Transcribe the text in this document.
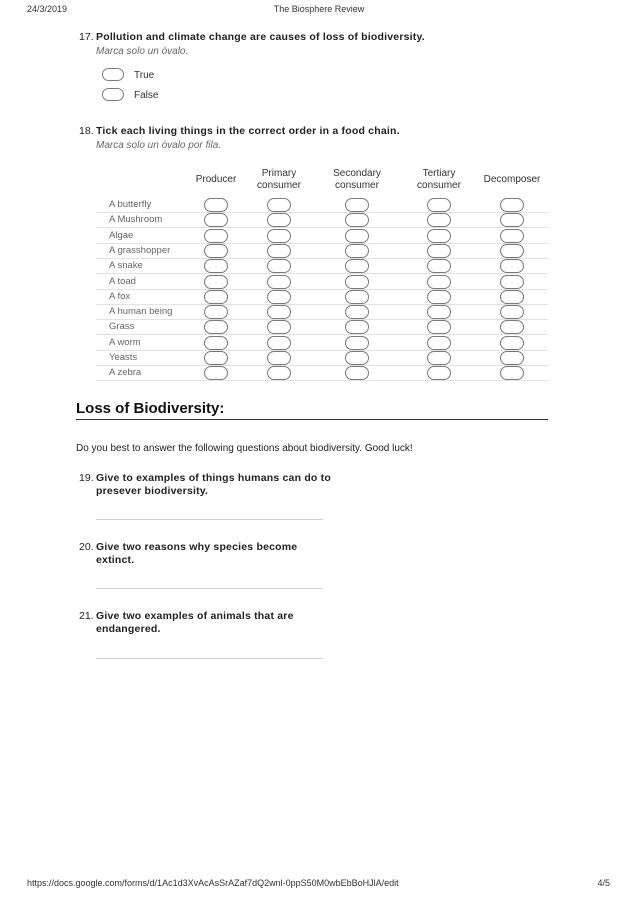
24/3/2019	The Biosphere Review
17. Pollution and climate change are causes of loss of biodiversity.
Marca solo un óvalo.
True
False
18. Tick each living things in the correct order in a food chain.
Marca solo un óvalo por fila.
Producer
Primary consumer
Secondary consumer
Tertiary consumer
Decomposer
A butterfly
A Mushroom
Algae
A grasshopper
A snake
A toad
A fox
A human being
Grass
A worm
Yeasts
A zebra
Loss of Biodiversity:
Do you best to answer the following questions about biodiversity. Good luck!
19. Give to examples of things humans can do to
presever biodiversity.
20. Give two reasons why species become
extinct.
21. Give two examples of animals that are
endangered.
https://docs.google.com/forms/d/1Ac1d3XvAcAsSrAZaf7dQ2wnl-0ppS50M0wbEbBoHJlA/edit	4/5
